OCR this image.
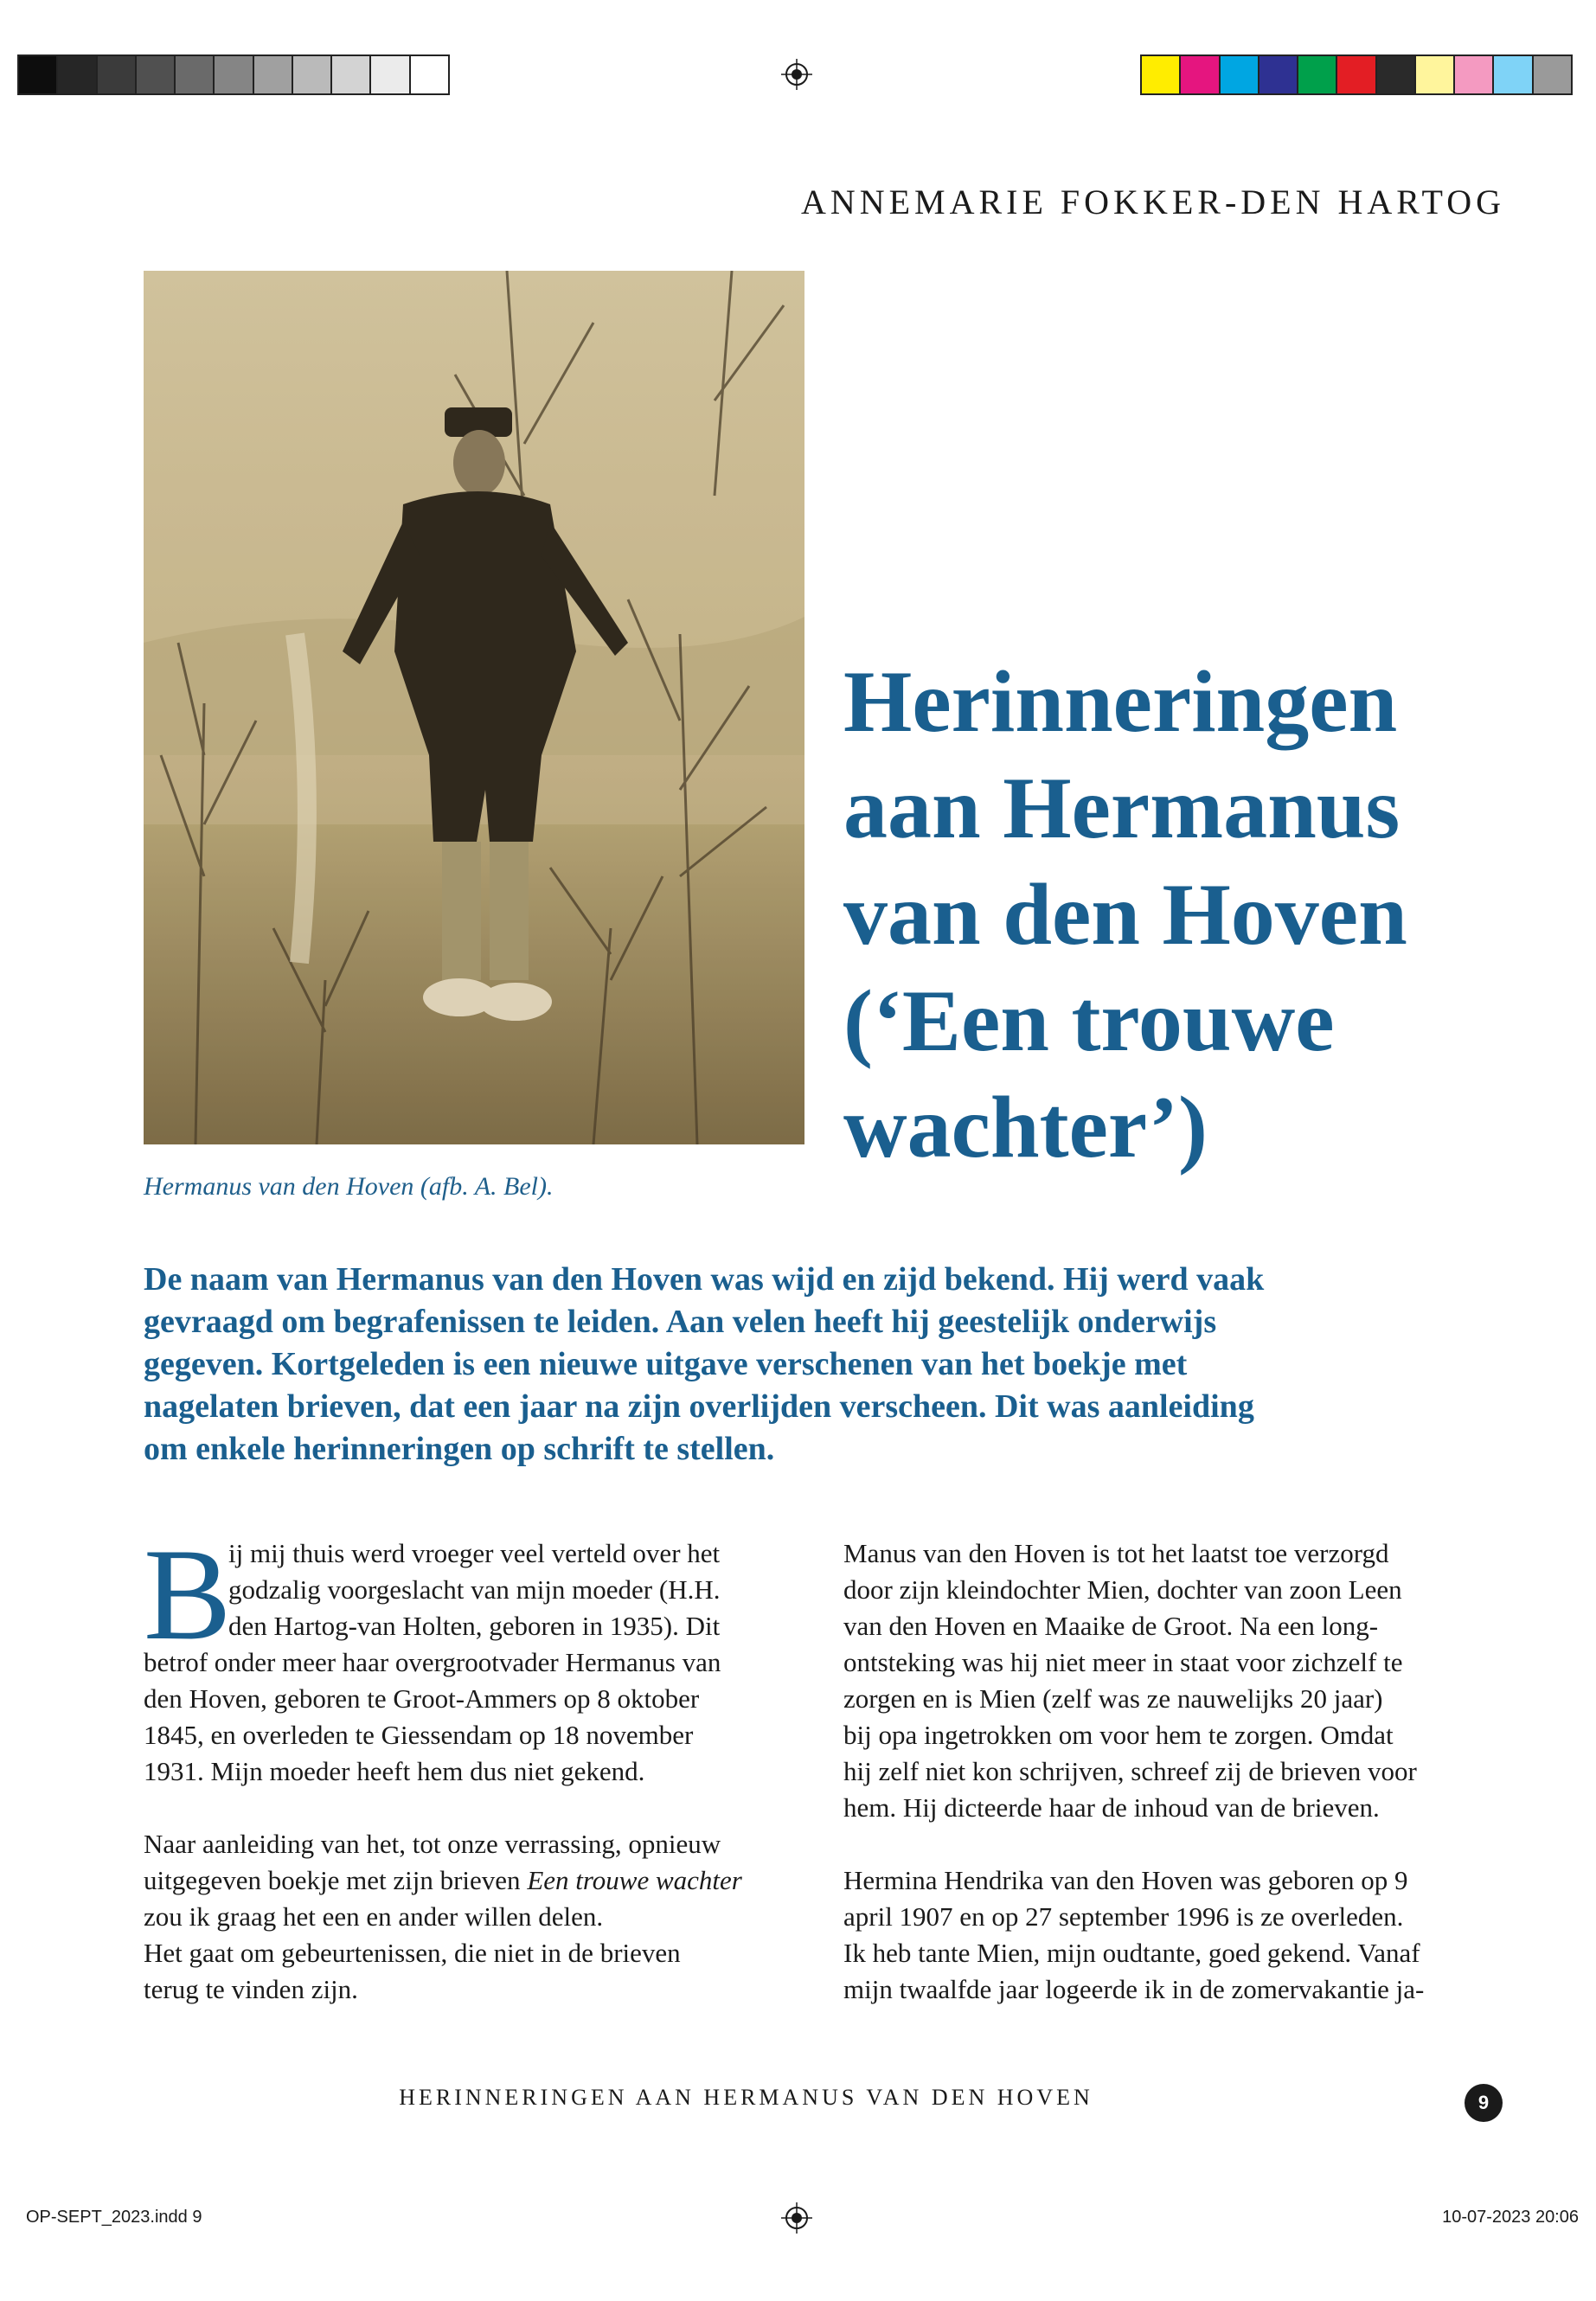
ANNEMARIE FOKKER-DEN HARTOG
Hermanus van den Hoven (afb. A. Bel).
Herinneringen
aan Hermanus
van den Hoven
(‘Een trouwe
wachter’)
De naam van Hermanus van den Hoven was wijd en zijd bekend. Hij werd vaak
gevraagd om begrafenissen te leiden. Aan velen heeft hij geestelijk onderwijs
gegeven. Kortgeleden is een nieuwe uitgave verschenen van het boekje met
nagelaten brieven, dat een jaar na zijn overlijden verscheen. Dit was aanleiding
om enkele herinneringen op schrift te stellen.
B
ij mij thuis werd vroeger veel verteld over het
godzalig voorgeslacht van mijn moeder (H.H.
den Hartog-van Holten, geboren in 1935). Dit
betrof onder meer haar overgrootvader Hermanus van
den Hoven, geboren te Groot-Ammers op 8 oktober
1845, en overleden te Giessendam op 18 november
1931. Mijn moeder heeft hem dus niet gekend.
Naar aanleiding van het, tot onze verrassing, opnieuw
uitgegeven boekje met zijn brieven Een trouwe wachter
zou ik graag het een en ander willen delen.
Het gaat om gebeurtenissen, die niet in de brieven
terug te vinden zijn.
Manus van den Hoven is tot het laatst toe verzorgd
door zijn kleindochter Mien, dochter van zoon Leen
van den Hoven en Maaike de Groot. Na een long-
ontsteking was hij niet meer in staat voor zichzelf te
zorgen en is Mien (zelf was ze nauwelijks 20 jaar)
bij opa ingetrokken om voor hem te zorgen. Omdat
hij zelf niet kon schrijven, schreef zij de brieven voor
hem. Hij dicteerde haar de inhoud van de brieven.
Hermina Hendrika van den Hoven was geboren op 9
april 1907 en op 27 september 1996 is ze overleden.
Ik heb tante Mien, mijn oudtante, goed gekend. Vanaf
mijn twaalfde jaar logeerde ik in de zomervakantie ja-
HERINNERINGEN AAN HERMANUS VAN DEN HOVEN	9
OP-SEPT_2023.indd 9	10-07-2023 20:06
